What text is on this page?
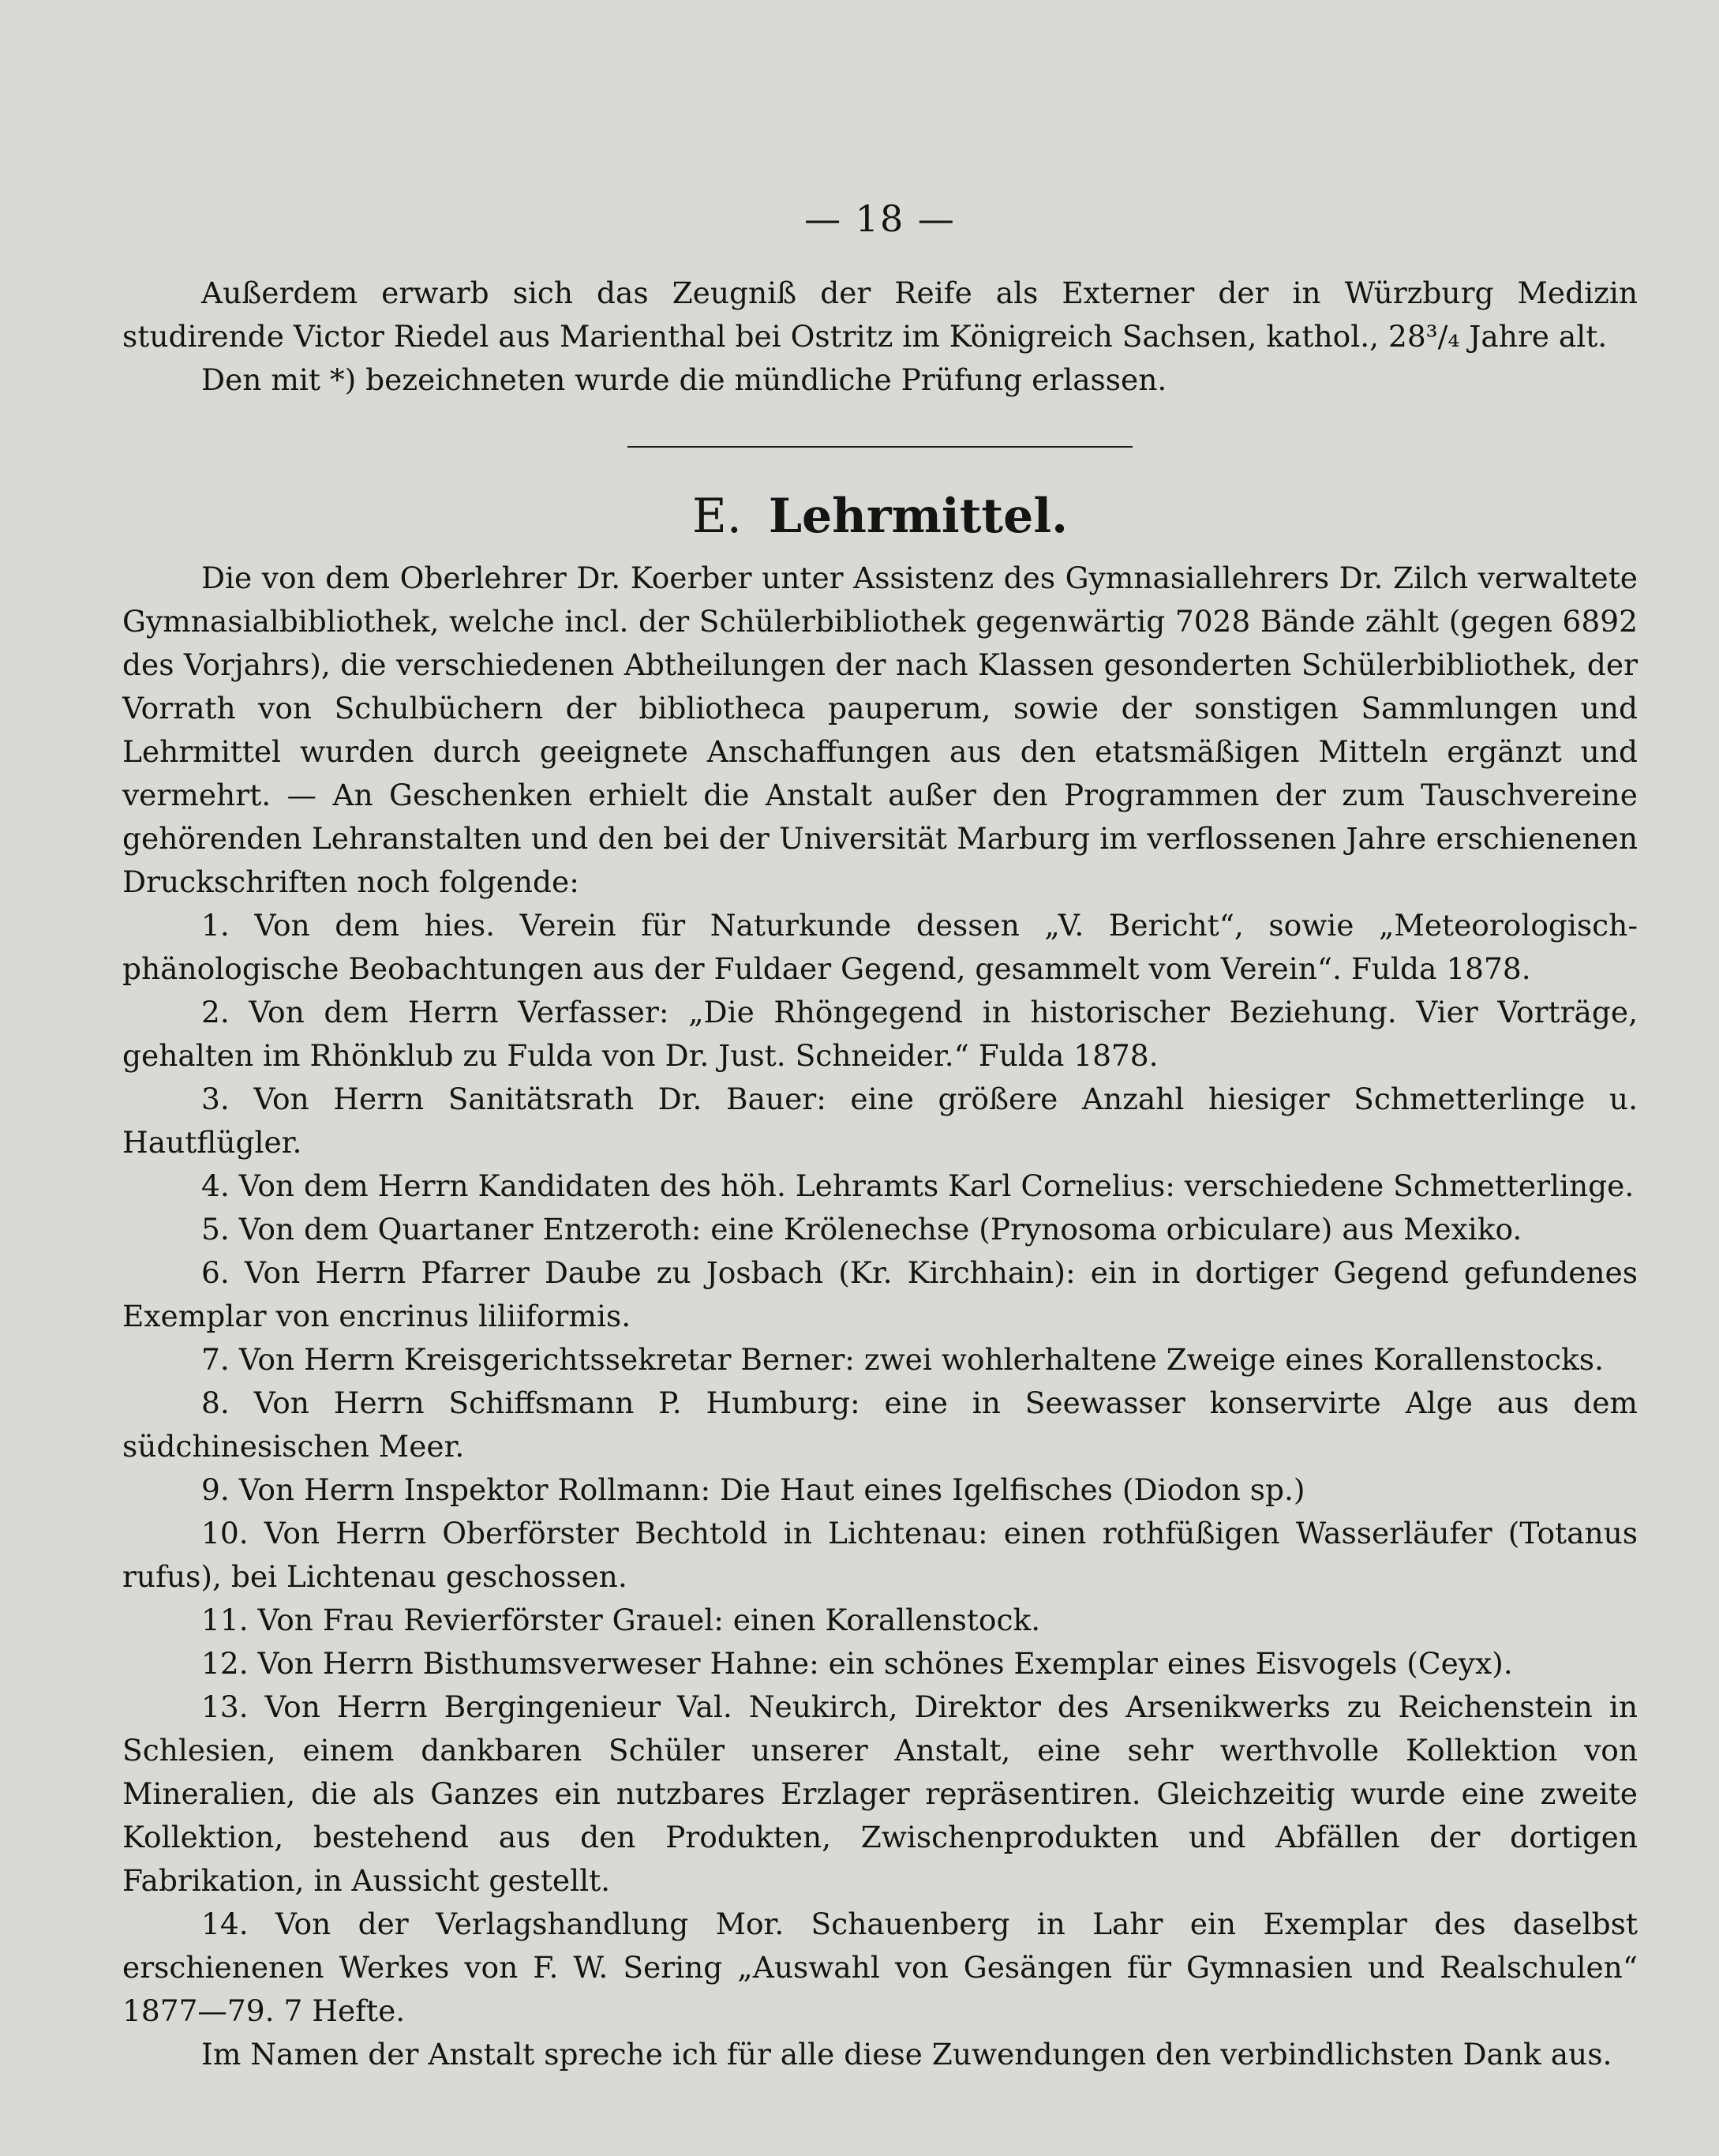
— 18 —

Außerdem erwarb sich das Zeugniß der Reife als Externer der in Würzburg Medizin studirende Victor Riedel aus Marienthal bei Ostritz im Königreich Sachsen, kathol., 28³/₄ Jahre alt.

Den mit *) bezeichneten wurde die mündliche Prüfung erlassen.

E. Lehrmittel.

Die von dem Oberlehrer Dr. Koerber unter Assistenz des Gymnasiallehrers Dr. Zilch verwaltete Gymnasialbibliothek, welche incl. der Schülerbibliothek gegenwärtig 7028 Bände zählt (gegen 6892 des Vorjahrs), die verschiedenen Abtheilungen der nach Klassen gesonderten Schülerbibliothek, der Vorrath von Schulbüchern der bibliotheca pauperum, sowie der sonstigen Sammlungen und Lehrmittel wurden durch geeignete Anschaffungen aus den etatsmäßigen Mitteln ergänzt und vermehrt. — An Geschenken erhielt die Anstalt außer den Programmen der zum Tauschvereine gehörenden Lehranstalten und den bei der Universität Marburg im verflossenen Jahre erschienenen Druckschriften noch folgende:

1. Von dem hies. Verein für Naturkunde dessen „V. Bericht“, sowie „Meteorologisch-phänologische Beobachtungen aus der Fuldaer Gegend, gesammelt vom Verein“. Fulda 1878.

2. Von dem Herrn Verfasser: „Die Rhöngegend in historischer Beziehung. Vier Vorträge, gehalten im Rhönklub zu Fulda von Dr. Just. Schneider.“ Fulda 1878.

3. Von Herrn Sanitätsrath Dr. Bauer: eine größere Anzahl hiesiger Schmetterlinge u. Hautflügler.

4. Von dem Herrn Kandidaten des höh. Lehramts Karl Cornelius: verschiedene Schmetterlinge.

5. Von dem Quartaner Entzeroth: eine Krölenechse (Prynosoma orbiculare) aus Mexiko.

6. Von Herrn Pfarrer Daube zu Josbach (Kr. Kirchhain): ein in dortiger Gegend gefundenes Exemplar von encrinus liliiformis.

7. Von Herrn Kreisgerichtssekretar Berner: zwei wohlerhaltene Zweige eines Korallenstocks.

8. Von Herrn Schiffsmann P. Humburg: eine in Seewasser konservirte Alge aus dem südchinesischen Meer.

9. Von Herrn Inspektor Rollmann: Die Haut eines Igelfisches (Diodon sp.)

10. Von Herrn Oberförster Bechtold in Lichtenau: einen rothfüßigen Wasserläufer (Totanus rufus), bei Lichtenau geschossen.

11. Von Frau Revierförster Grauel: einen Korallenstock.

12. Von Herrn Bisthumsverweser Hahne: ein schönes Exemplar eines Eisvogels (Ceyx).

13. Von Herrn Bergingenieur Val. Neukirch, Direktor des Arsenikwerks zu Reichenstein in Schlesien, einem dankbaren Schüler unserer Anstalt, eine sehr werthvolle Kollektion von Mineralien, die als Ganzes ein nutzbares Erzlager repräsentiren. Gleichzeitig wurde eine zweite Kollektion, bestehend aus den Produkten, Zwischenprodukten und Abfällen der dortigen Fabrikation, in Aussicht gestellt.

14. Von der Verlagshandlung Mor. Schauenberg in Lahr ein Exemplar des daselbst erschienenen Werkes von F. W. Sering „Auswahl von Gesängen für Gymnasien und Realschulen“ 1877—79. 7 Hefte.

Im Namen der Anstalt spreche ich für alle diese Zuwendungen den verbindlichsten Dank aus.
